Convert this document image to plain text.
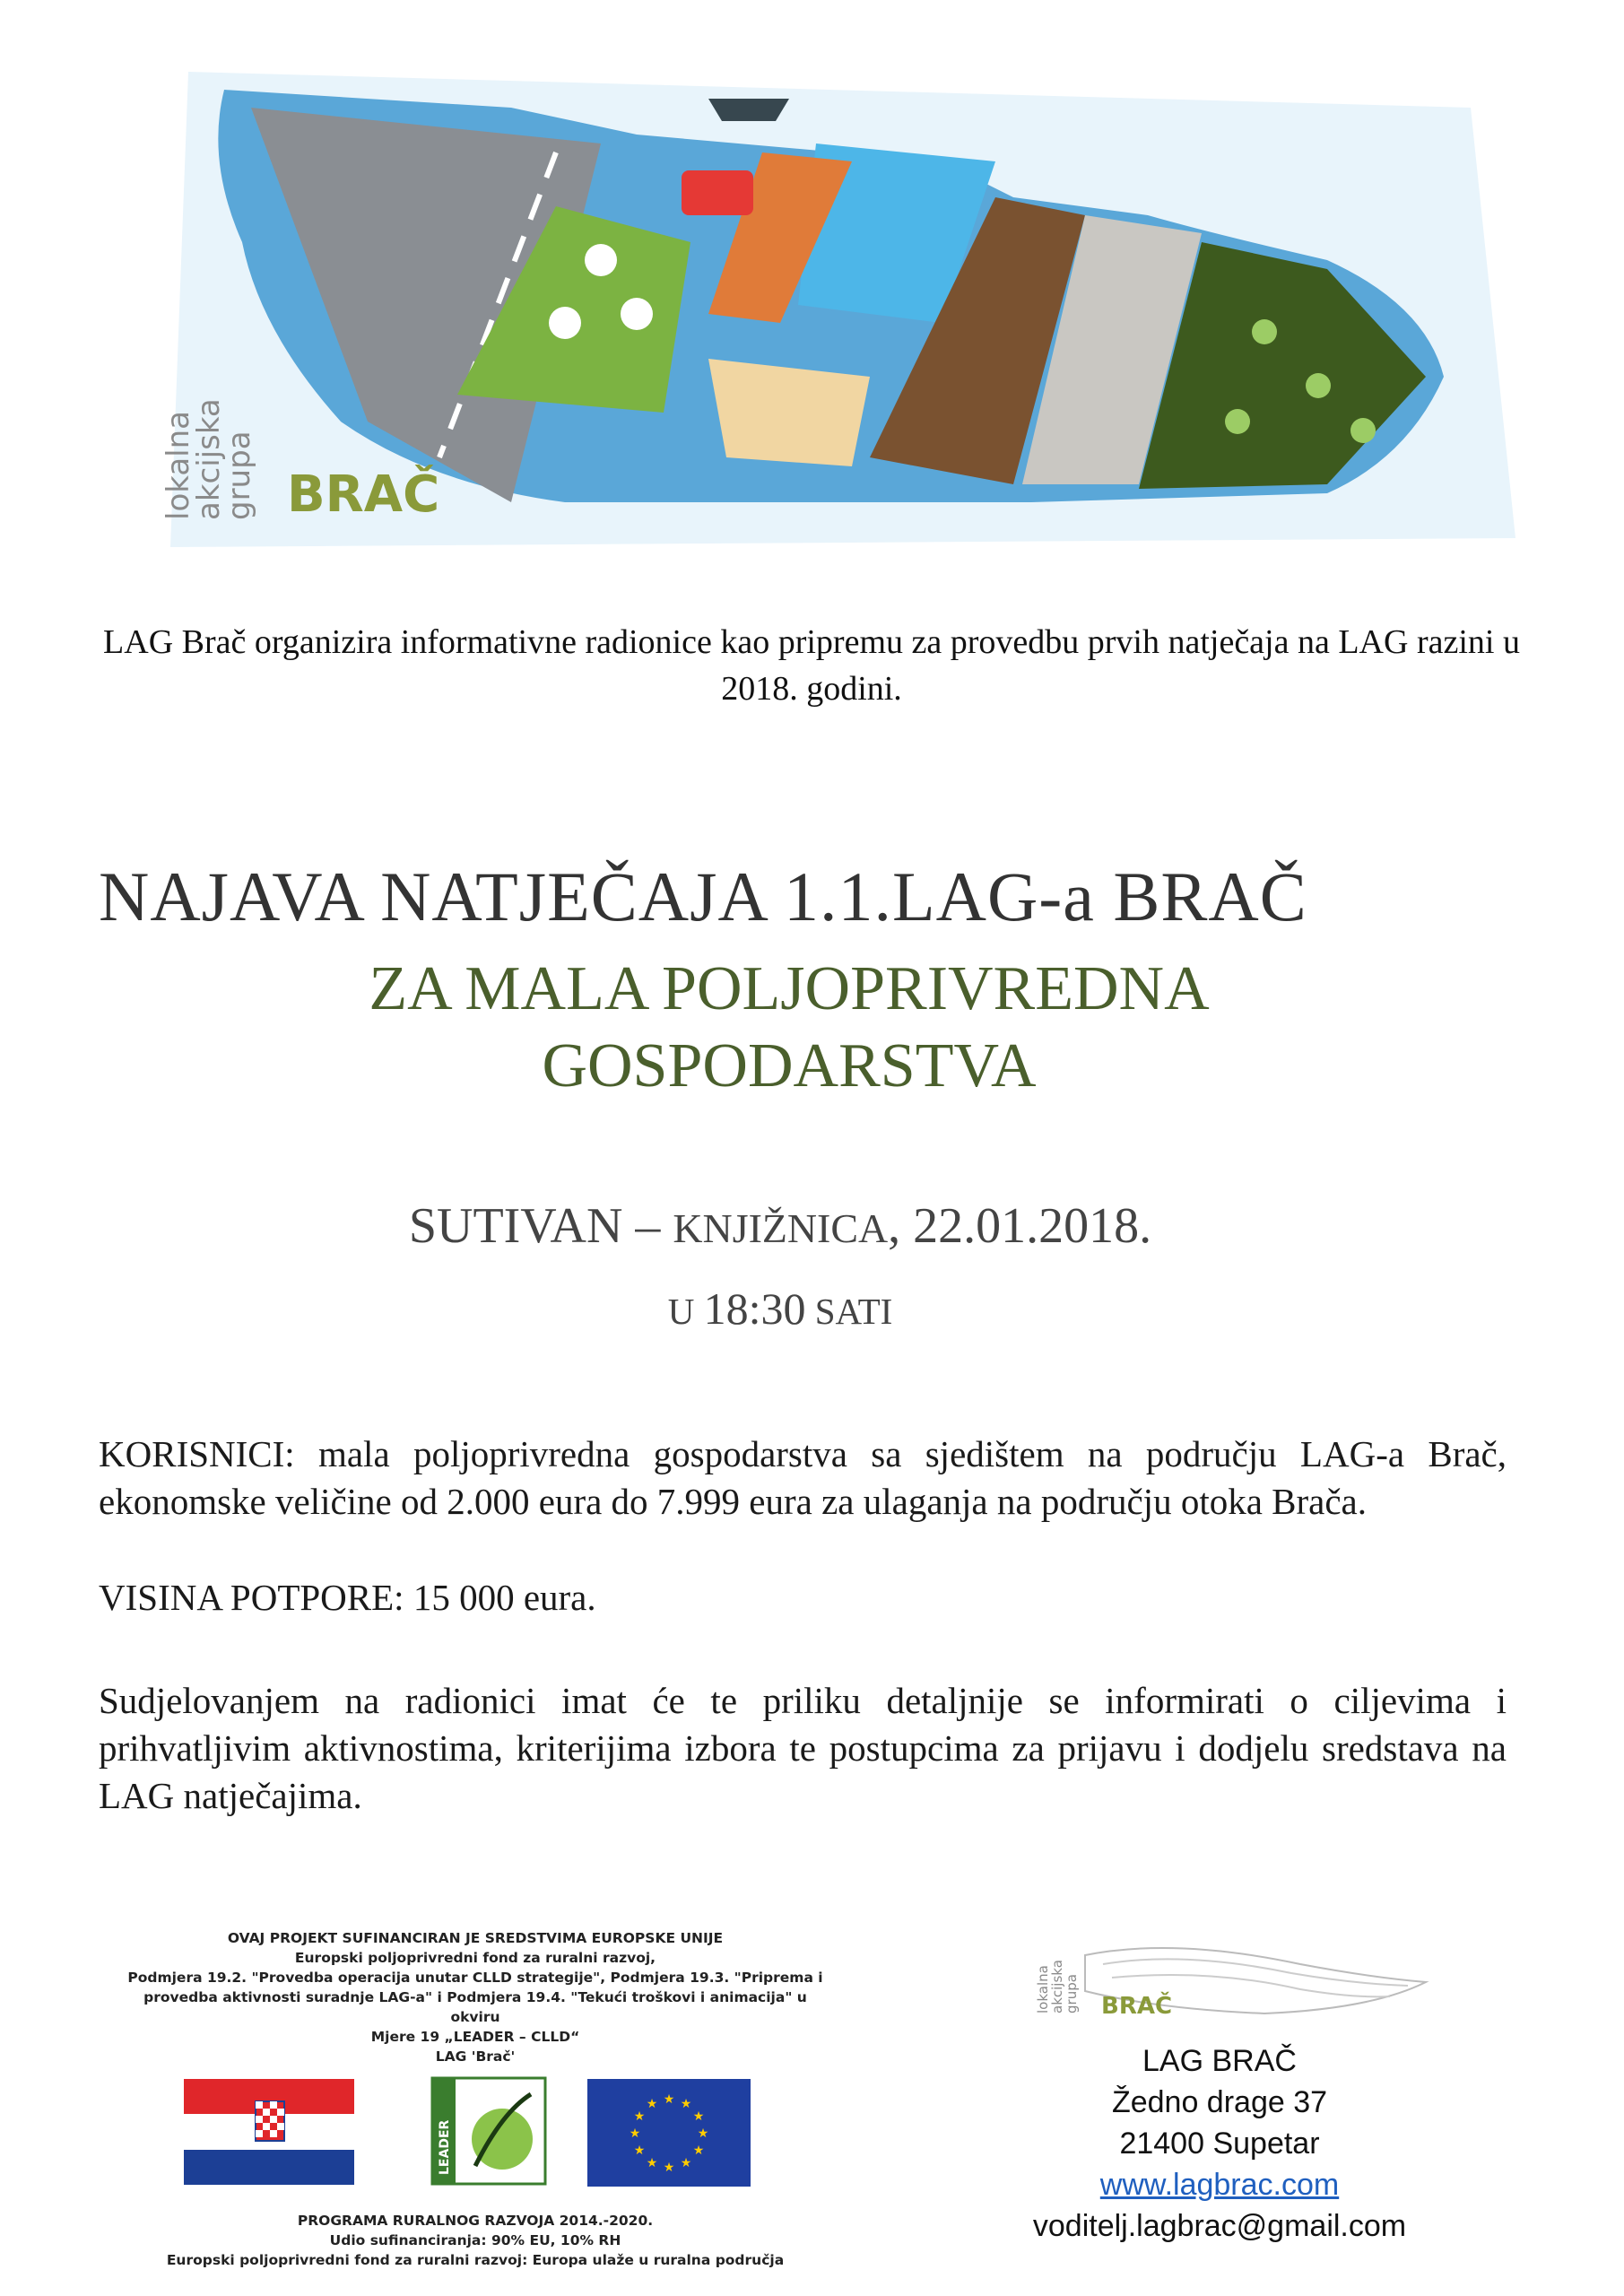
lokalna
akcijska
grupa BRAČ
LAG Brač organizira informativne radionice kao pripremu za provedbu prvih natječaja na LAG razini u 2018. godini.
NAJAVA NATJEČAJA 1.1.LAG-a BRAČ
ZA MALA POLJOPRIVREDNA
GOSPODARSTVA
SUTIVAN – KNJIŽNICA, 22.01.2018.
U 18:30 SATI
KORISNICI: mala poljoprivredna gospodarstva sa sjedištem na području LAG-a Brač, ekonomske veličine od 2.000 eura do 7.999 eura za ulaganja na području otoka Brača.
VISINA POTPORE: 15 000 eura.
Sudjelovanjem na radionici imat će te priliku detaljnije se informirati o ciljevima i prihvatljivim aktivnostima, kriterijima izbora te postupcima za prijavu i dodjelu sredstava na LAG natječajima.
OVAJ PROJEKT SUFINANCIRAN JE SREDSTVIMA EUROPSKE UNIJE
Europski poljoprivredni fond za ruralni razvoj,
Podmjera 19.2. "Provedba operacija unutar CLLD strategije", Podmjera 19.3. "Priprema i
provedba aktivnosti suradnje LAG-a" i Podmjera 19.4. "Tekući troškovi i animacija" u okviru
Mjere 19 „LEADER – CLLD“
LAG 'Brač'
LEADER
★ ★
★
★
★
★
★
★
★
★
★
★
PROGRAMA RURALNOG RAZVOJA 2014.-2020.
Udio sufinanciranja: 90% EU, 10% RH
Europski poljoprivredni fond za ruralni razvoj: Europa ulaže u ruralna područja
lokalna
akcijska
grupa BRAČ
LAG BRAČ
Žedno drage 37
21400 Supetar
www.lagbrac.com
voditelj.lagbrac@gmail.com
